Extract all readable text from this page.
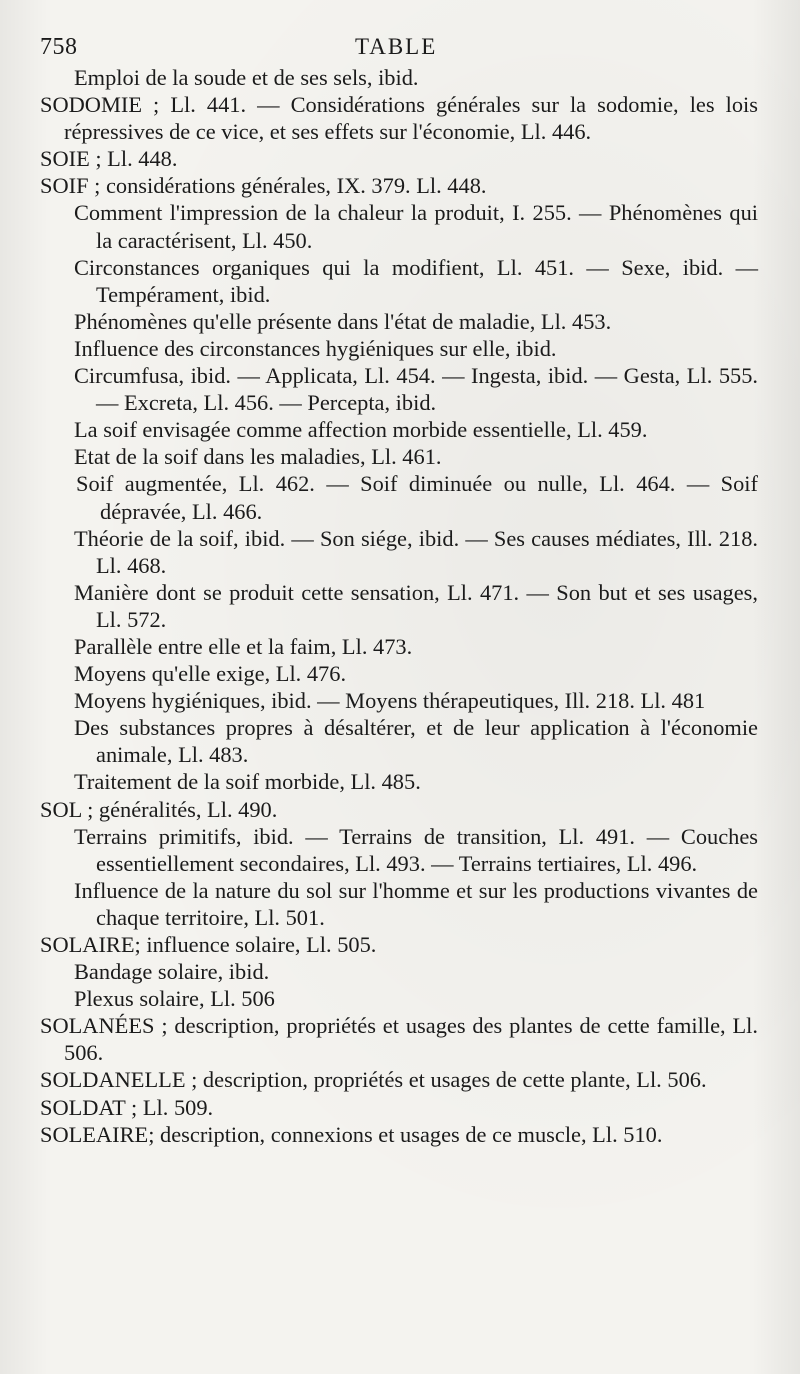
758	TABLE

Emploi de la soude et de ses sels, ibid.

SODOMIE ; Ll. 441. — Considérations générales sur la sodomie, les lois répressives de ce vice, et ses effets sur l'économie, Ll. 446.

SOIE ; Ll. 448.

SOIF ; considérations générales, IX. 379. Ll. 448.

Comment l'impression de la chaleur la produit, I. 255. — Phénomènes qui la caractérisent, Ll. 450.

Circonstances organiques qui la modifient, Ll. 451. — Sexe, ibid. — Tempérament, ibid.

Phénomènes qu'elle présente dans l'état de maladie, Ll. 453.

Influence des circonstances hygiéniques sur elle, ibid.

Circumfusa, ibid. — Applicata, Ll. 454. — Ingesta, ibid. — Gesta, Ll. 555. — Excreta, Ll. 456. — Percepta, ibid.

La soif envisagée comme affection morbide essentielle, Ll. 459.

Etat de la soif dans les maladies, Ll. 461.

Soif augmentée, Ll. 462. — Soif diminuée ou nulle, Ll. 464. — Soif dépravée, Ll. 466.

Théorie de la soif, ibid. — Son siége, ibid. — Ses causes médiates, Ill. 218. Ll. 468.

Manière dont se produit cette sensation, Ll. 471. — Son but et ses usages, Ll. 572.

Parallèle entre elle et la faim, Ll. 473.

Moyens qu'elle exige, Ll. 476.

Moyens hygiéniques, ibid. — Moyens thérapeutiques, Ill. 218. Ll. 481

Des substances propres à désaltérer, et de leur application à l'économie animale, Ll. 483.

Traitement de la soif morbide, Ll. 485.

SOL ; généralités, Ll. 490.

Terrains primitifs, ibid. — Terrains de transition, Ll. 491. — Couches essentiellement secondaires, Ll. 493. — Terrains tertiaires, Ll. 496.

Influence de la nature du sol sur l'homme et sur les productions vivantes de chaque territoire, Ll. 501.

SOLAIRE; influence solaire, Ll. 505.

Bandage solaire, ibid.

Plexus solaire, Ll. 506

SOLANÉES ; description, propriétés et usages des plantes de cette famille, Ll. 506.

SOLDANELLE ; description, propriétés et usages de cette plante, Ll. 506.

SOLDAT ; Ll. 509.

SOLEAIRE; description, connexions et usages de ce muscle, Ll. 510.
